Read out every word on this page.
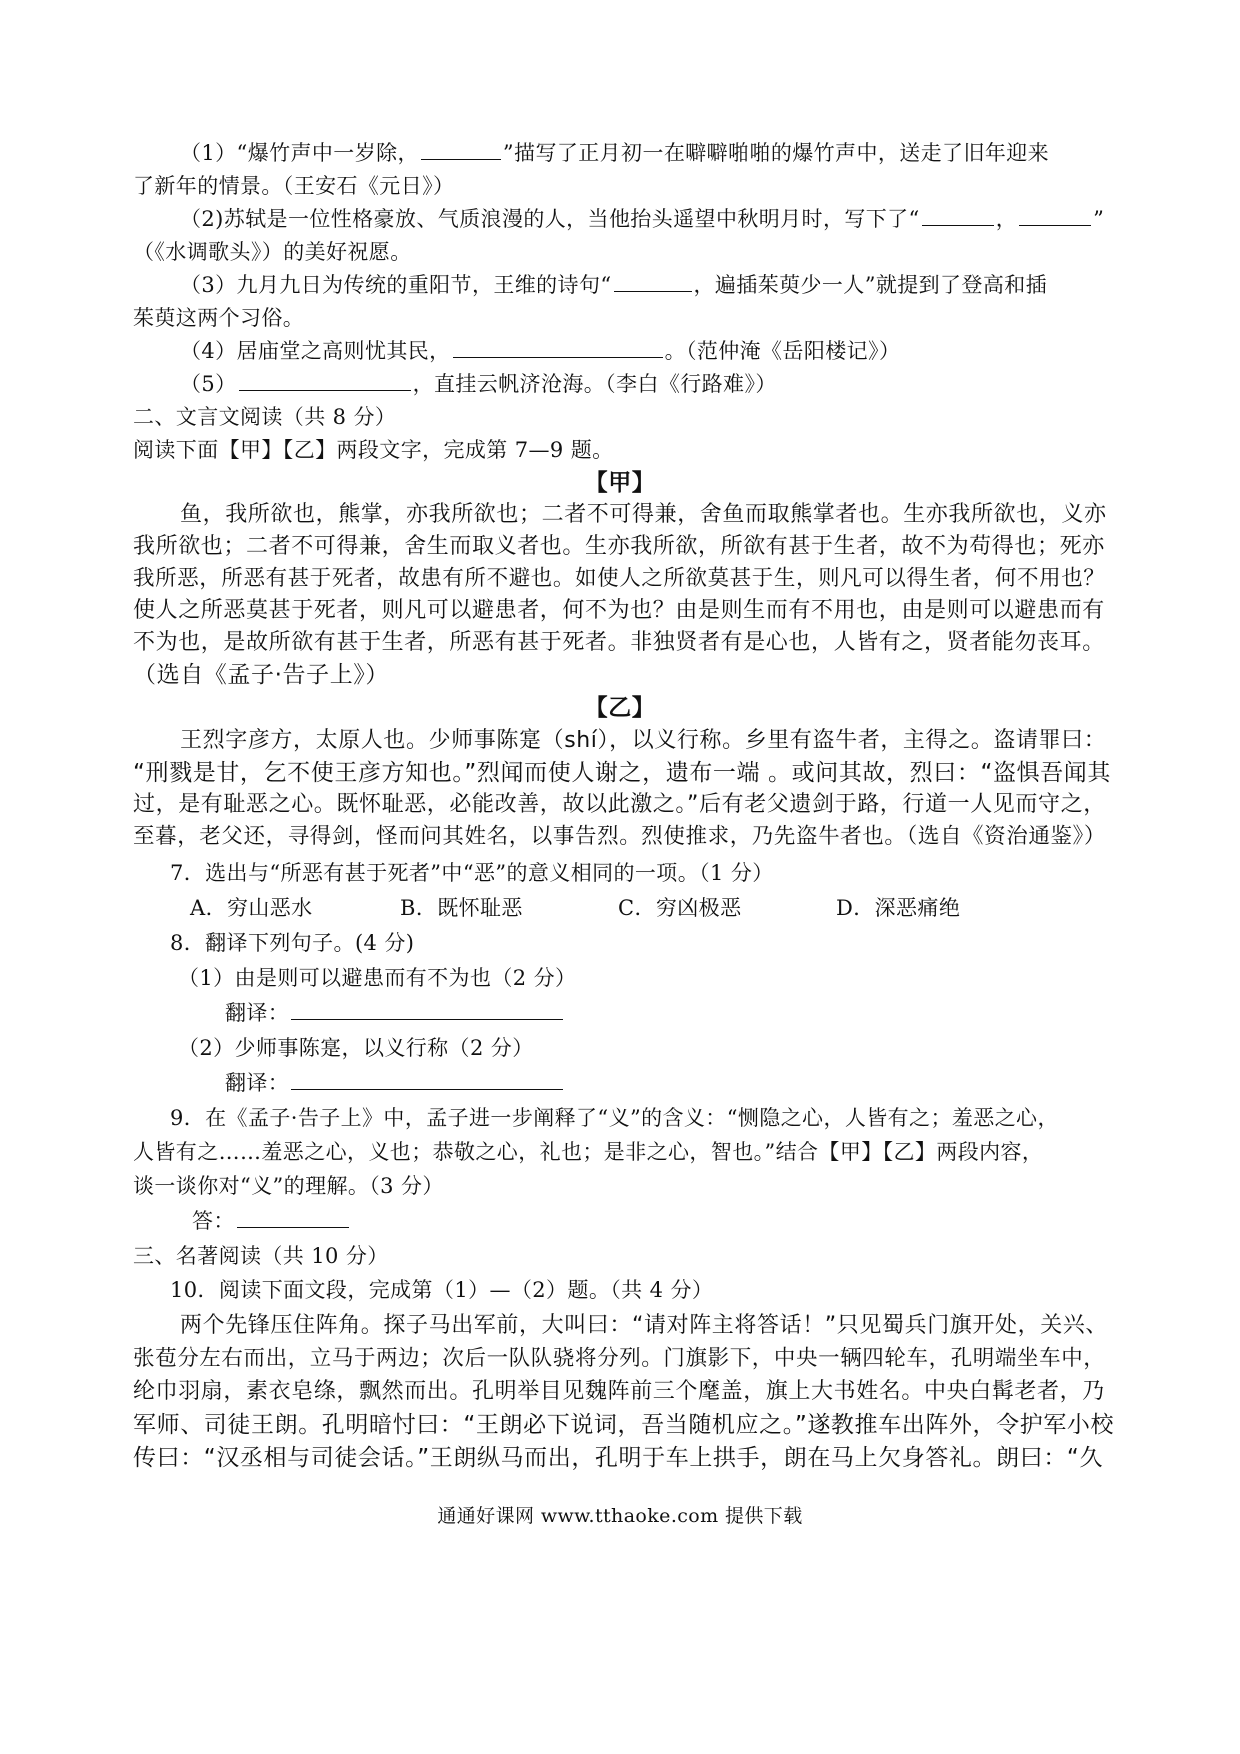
（1）“爆竹声中一岁除，	”描写了正月初一在噼噼啪啪的爆竹声中，送走了旧年迎来
了新年的情景。（王安石《元日》）
（2)苏轼是一位性格豪放、气质浪漫的人，当他抬头遥望中秋明月时，写下了“	，	”
（《水调歌头》）的美好祝愿。
（3）九月九日为传统的重阳节，王维的诗句“	，遍插茱萸少一人”就提到了登高和插
茱萸这两个习俗。
（4）居庙堂之高则忧其民，	。（范仲淹《岳阳楼记》）
（5）	，直挂云帆济沧海。（李白《行路难》）
二、文言文阅读（共 8 分）
阅读下面【甲】【乙】两段文字，完成第 7—9 题。
【甲】
鱼，我所欲也，熊掌，亦我所欲也；二者不可得兼，舍鱼而取熊掌者也。生亦我所欲也，义亦
我所欲也；二者不可得兼，舍生而取义者也。生亦我所欲，所欲有甚于生者，故不为苟得也；死亦
我所恶，所恶有甚于死者，故患有所不避也。如使人之所欲莫甚于生，则凡可以得生者，何不用也？
使人之所恶莫甚于死者，则凡可以避患者，何不为也？由是则生而有不用也，由是则可以避患而有
不为也，是故所欲有甚于生者，所恶有甚于死者。非独贤者有是心也，人皆有之，贤者能勿丧耳。
（选自《孟子·告子上》）
【乙】
王烈字彦方，太原人也。少师事陈寔（shí），以义行称。乡里有盗牛者，主得之。盗请罪曰：
“刑戮是甘，乞不使王彦方知也。”烈闻而使人谢之，遗布一端 。或问其故，烈曰：“盗惧吾闻其
过，是有耻恶之心。既怀耻恶，必能改善，故以此激之。”后有老父遗剑于路，行道一人见而守之，
至暮，老父还，寻得剑，怪而问其姓名，以事告烈。烈使推求，乃先盗牛者也。（选自《资治通鉴》）
7．选出与“所恶有甚于死者”中“恶”的意义相同的一项。（1 分）
A．穷山恶水	B．既怀耻恶	C．穷凶极恶	D．深恶痛绝
8．翻译下列句子。(4 分)
（1）由是则可以避患而有不为也（2 分）
翻译：
（2）少师事陈寔，以义行称（2 分）
翻译：
9．在《孟子·告子上》中，孟子进一步阐释了“义”的含义：“恻隐之心，人皆有之；羞恶之心，
人皆有之……羞恶之心，义也；恭敬之心，礼也；是非之心，智也。”结合【甲】【乙】两段内容，
谈一谈你对“义”的理解。（3 分）
答：
三、名著阅读（共 10 分）
10．阅读下面文段，完成第（1）—（2）题。（共 4 分）
两个先锋压住阵角。探子马出军前，大叫曰：“请对阵主将答话！”只见蜀兵门旗开处，关兴、
张苞分左右而出，立马于两边；次后一队队骁将分列。门旗影下，中央一辆四轮车，孔明端坐车中，
纶巾羽扇，素衣皂绦，飘然而出。孔明举目见魏阵前三个麾盖，旗上大书姓名。中央白髯老者，乃
军师、司徒王朗。孔明暗忖曰：“王朗必下说词，吾当随机应之。”遂教推车出阵外，令护军小校
传曰：“汉丞相与司徒会话。”王朗纵马而出，孔明于车上拱手，朗在马上欠身答礼。朗曰：“久
通通好课网 www.tthaoke.com 提供下载
